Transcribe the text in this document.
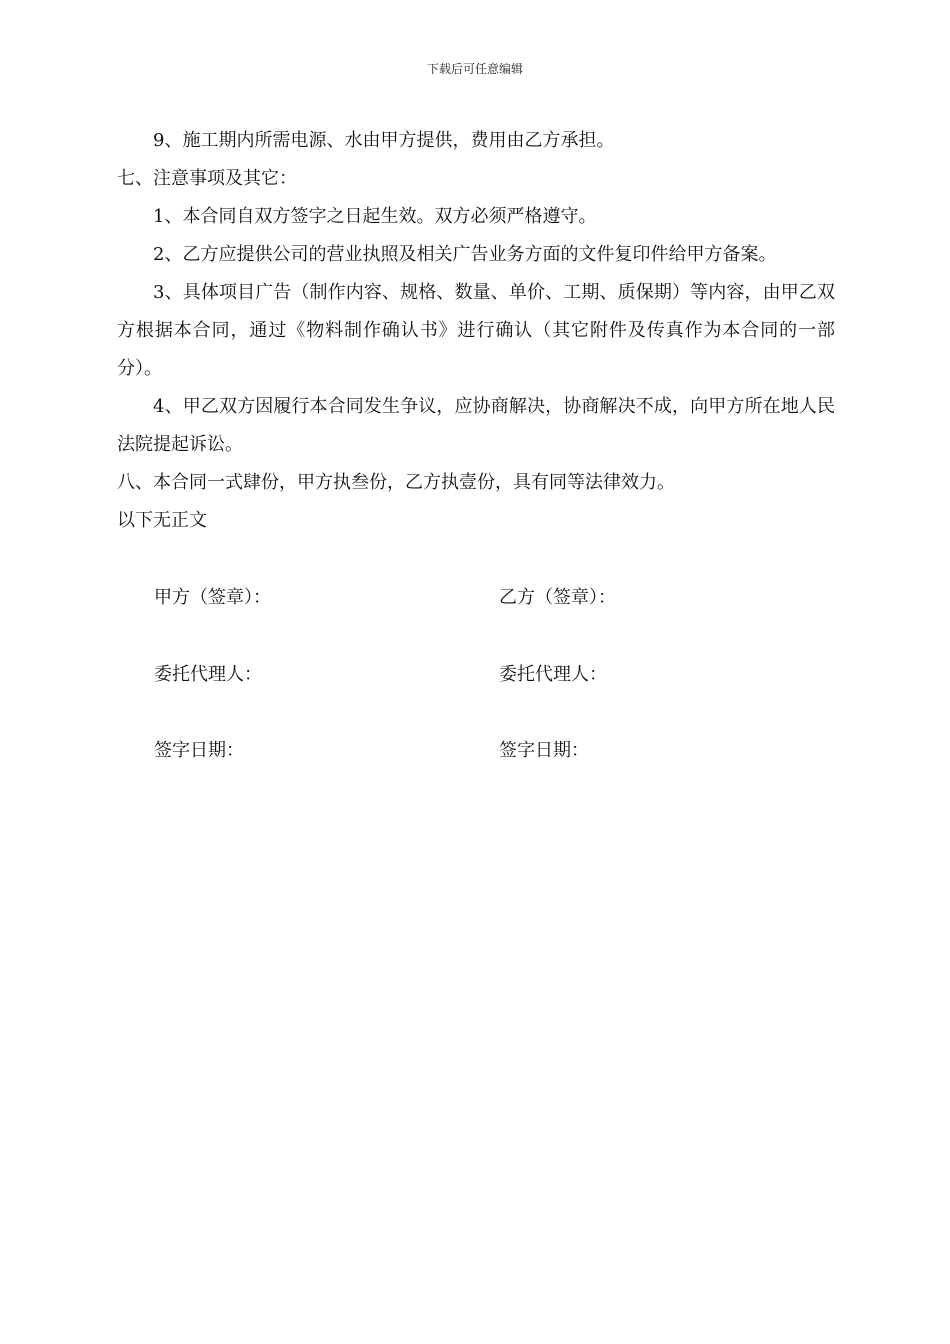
下载后可任意编辑

9、施工期内所需电源、水由甲方提供，费用由乙方承担。

七、注意事项及其它：

1、本合同自双方签字之日起生效。双方必须严格遵守。

2、乙方应提供公司的营业执照及相关广告业务方面的文件复印件给甲方备案。

3、具体项目广告（制作内容、规格、数量、单价、工期、质保期）等内容，由甲乙双方根据本合同，通过《物料制作确认书》进行确认（其它附件及传真作为本合同的一部分）。

4、甲乙双方因履行本合同发生争议，应协商解决，协商解决不成，向甲方所在地人民法院提起诉讼。

八、本合同一式肆份，甲方执叁份，乙方执壹份，具有同等法律效力。

以下无正文

甲方（签章）：	乙方（签章）：
委托代理人：	委托代理人：
签字日期：	签字日期：
